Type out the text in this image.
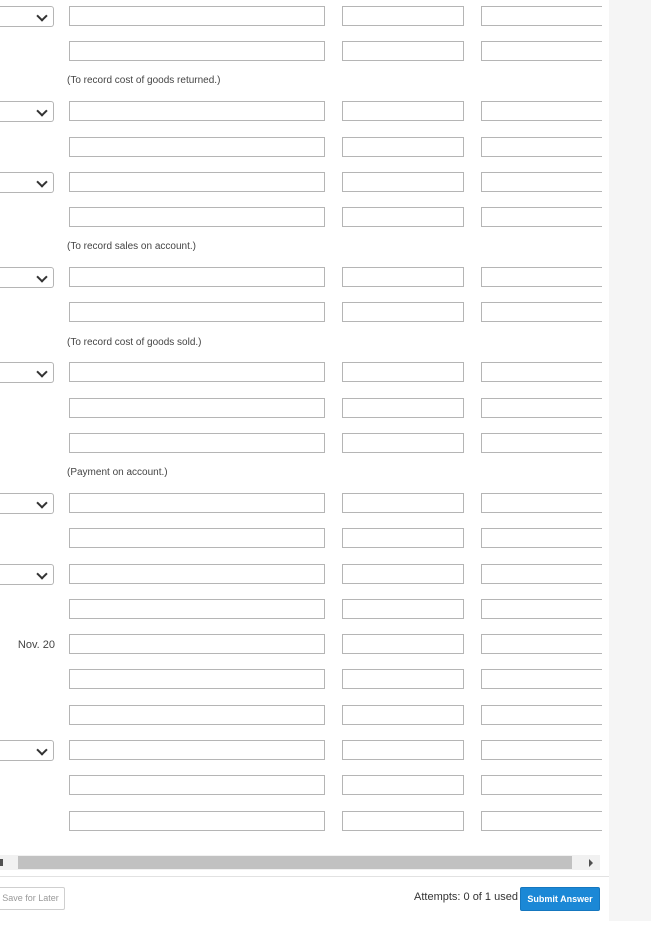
(To record cost of goods returned.)
(To record sales on account.)
(To record cost of goods sold.)
(Payment on account.)
Nov. 20
Save for Later	Attempts: 0 of 1 used	Submit Answer
